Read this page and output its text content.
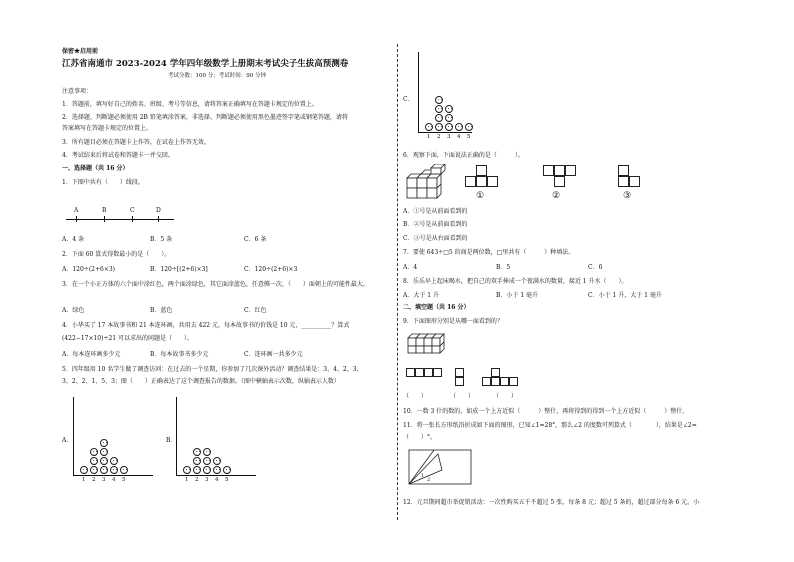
保密★启用前
江苏省南通市 2023-2024 学年四年级数学上册期末考试尖子生拔高预测卷
考试分数：100 分；考试时间：90 分钟
注意事项：
1．答题前，填写好自己的姓名、班级、考号等信息，请将答案正确填写在答题卡规定的位置上。
2．选择题、判断题必须使用 2B 铅笔填涂答案，非选择、判断题必须使用黑色墨迹签字笔或钢笔答题，请将
答案填写在答题卡规定的位置上。
3．所有题目必须在答题卡上作答，在试卷上作答无效。
4．考试结束后将试卷和答题卡一并交回。
一、选择题（共 16 分）
1．下图中共有（　　）线段。
A	B	C	D
A．4 条	B．5 条	C．6 条
2．下面 60 算式得数最小的是（　　）。
A．120÷(2+6×3)	B．120÷[(2+6)×3]	C．120÷(2+6)×3
3．在一个小正方体的六个面中涂红色，两个面涂绿色，其它面涂蓝色，任意掷一次，（　　）面朝上的可能性最大。
A．绿色	B．蓝色	C．红色
4．小华买了 17 本故事书和 21 本连环画，共用去 422 元，每本故事书的价钱是 10 元，__________？算式
(422−17×10)÷21 可以求出的问题是（　　）。
A．每本连环画多少元	B．每本故事书多少元	C．连环画一共多少元
5．四年级用 10 名学生做了调查访问：在过去的一个星期，你参加了几次课外活动？调查结果是：3、4、2、3、
3、2、2、1、5、3；图（　　）正确表达了这个调查报告的数据。（图中横轴表示次数，纵轴表示人数）
A．
1 2 3 4 5
B．
1 2 3 4 5
C．
1 2 3 4 5
6．观察下面，下面说法正确的是（　　　）。
①	②	③
A．①号是从前面看到的
B．②号是从前面看到的
C．③号是从右面看到的
7．要使 643÷□5 的商是两位数，□里共有（　　　）种填法。
A．4	B．5	C．6
8．乐乐早上起床喝水，把自己的双手捧成一个夜满水的数量，接近 1 升水（　　）。
A．大于 1 升	B．小于 1 毫升	C．小于 1 升，大于 1 毫升
二、填空题（共 16 分）
9．下面图形分别是从哪一面看到的？
（　　）	（　　）	（　　）
10．一数 3 什的数的，如成一个上方近似（　　　）整什，再将得到的得到一个上方近似（　　　）整什。
11．将一张长方形纸沿折成如下面的图形，已知∠1=28°，那么∠2 的度数可列算式（　　　　），结果是∠2=
（　　）°。
1
2
12．元旦期间超市举促销活动：一次性购买五千不超过 5 张，每条 8 元；超过 5 条的，超过部分每条 6 元。小
